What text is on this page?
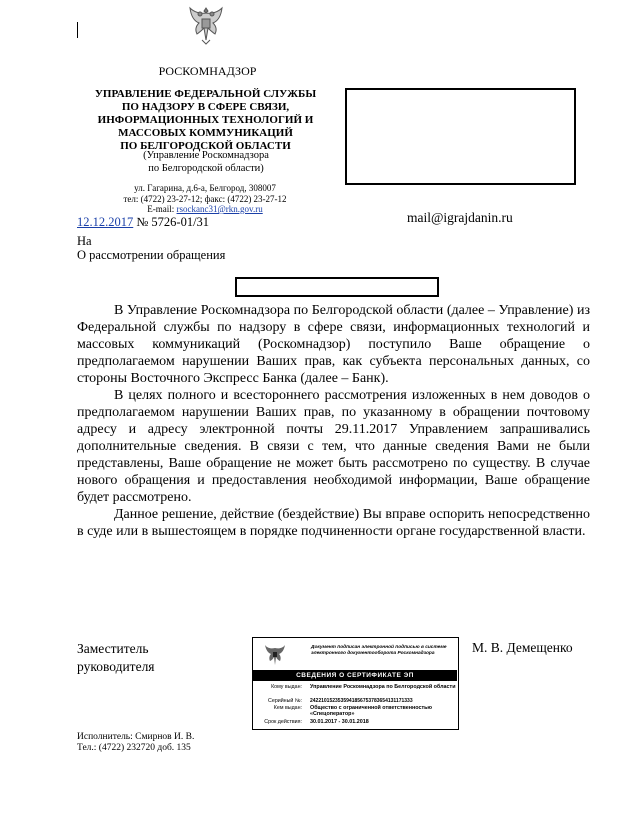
РОСКОМНАДЗОР
УПРАВЛЕНИЕ ФЕДЕРАЛЬНОЙ СЛУЖБЫ
ПО НАДЗОРУ В СФЕРЕ СВЯЗИ,
ИНФОРМАЦИОННЫХ ТЕХНОЛОГИЙ И
МАССОВЫХ КОММУНИКАЦИЙ
ПО БЕЛГОРОДСКОЙ ОБЛАСТИ
(Управление Роскомнадзора
по Белгородской области)
ул. Гагарина, д.6-а, Белгород, 308007
тел: (4722) 23-27-12; факс: (4722) 23-27-12
E-mail: rsockanc31@rkn.gov.ru
mail@igrajdanin.ru
12.12.2017 № 5726-01/31
На
О рассмотрении обращения

В Управление Роскомнадзора по Белгородской области (далее – Управление) из Федеральной службы по надзору в сфере связи, информационных технологий и массовых коммуникаций (Роскомнадзор) поступило Ваше обращение о предполагаемом нарушении Ваших прав, как субъекта персональных данных, со стороны Восточного Экспресс Банка (далее – Банк).

В целях полного и всестороннего рассмотрения изложенных в нем доводов о предполагаемом нарушении Ваших прав, по указанному в обращении почтовому адресу и адресу электронной почты 29.11.2017 Управлением запрашивались дополнительные сведения. В связи с тем, что данные сведения Вами не были представлены, Ваше обращение не может быть рассмотрено по существу. В случае нового обращения и предоставления необходимой информации, Ваше обращение будет рассмотрено.

Данное решение, действие (бездействие) Вы вправе оспорить непосредственно в суде или в вышестоящем в порядке подчиненности органе государственной власти.

Заместитель
руководителя
М. В. Демещенко
Документ подписан электронной подписью в системе
электронного документооборота Роскомнадзора
СВЕДЕНИЯ О СЕРТИФИКАТЕ ЭП
Кому выдан: Управление Роскомнадзора по Белгородской области
Серийный №: 2422101523535941856753783654131171333
Кем выдан: Общество с ограниченной ответственностью «Спецоператор»
Срок действия: 30.01.2017 - 30.01.2018
Исполнитель: Смирнов И. В.
Тел.: (4722) 232720 доб. 135
